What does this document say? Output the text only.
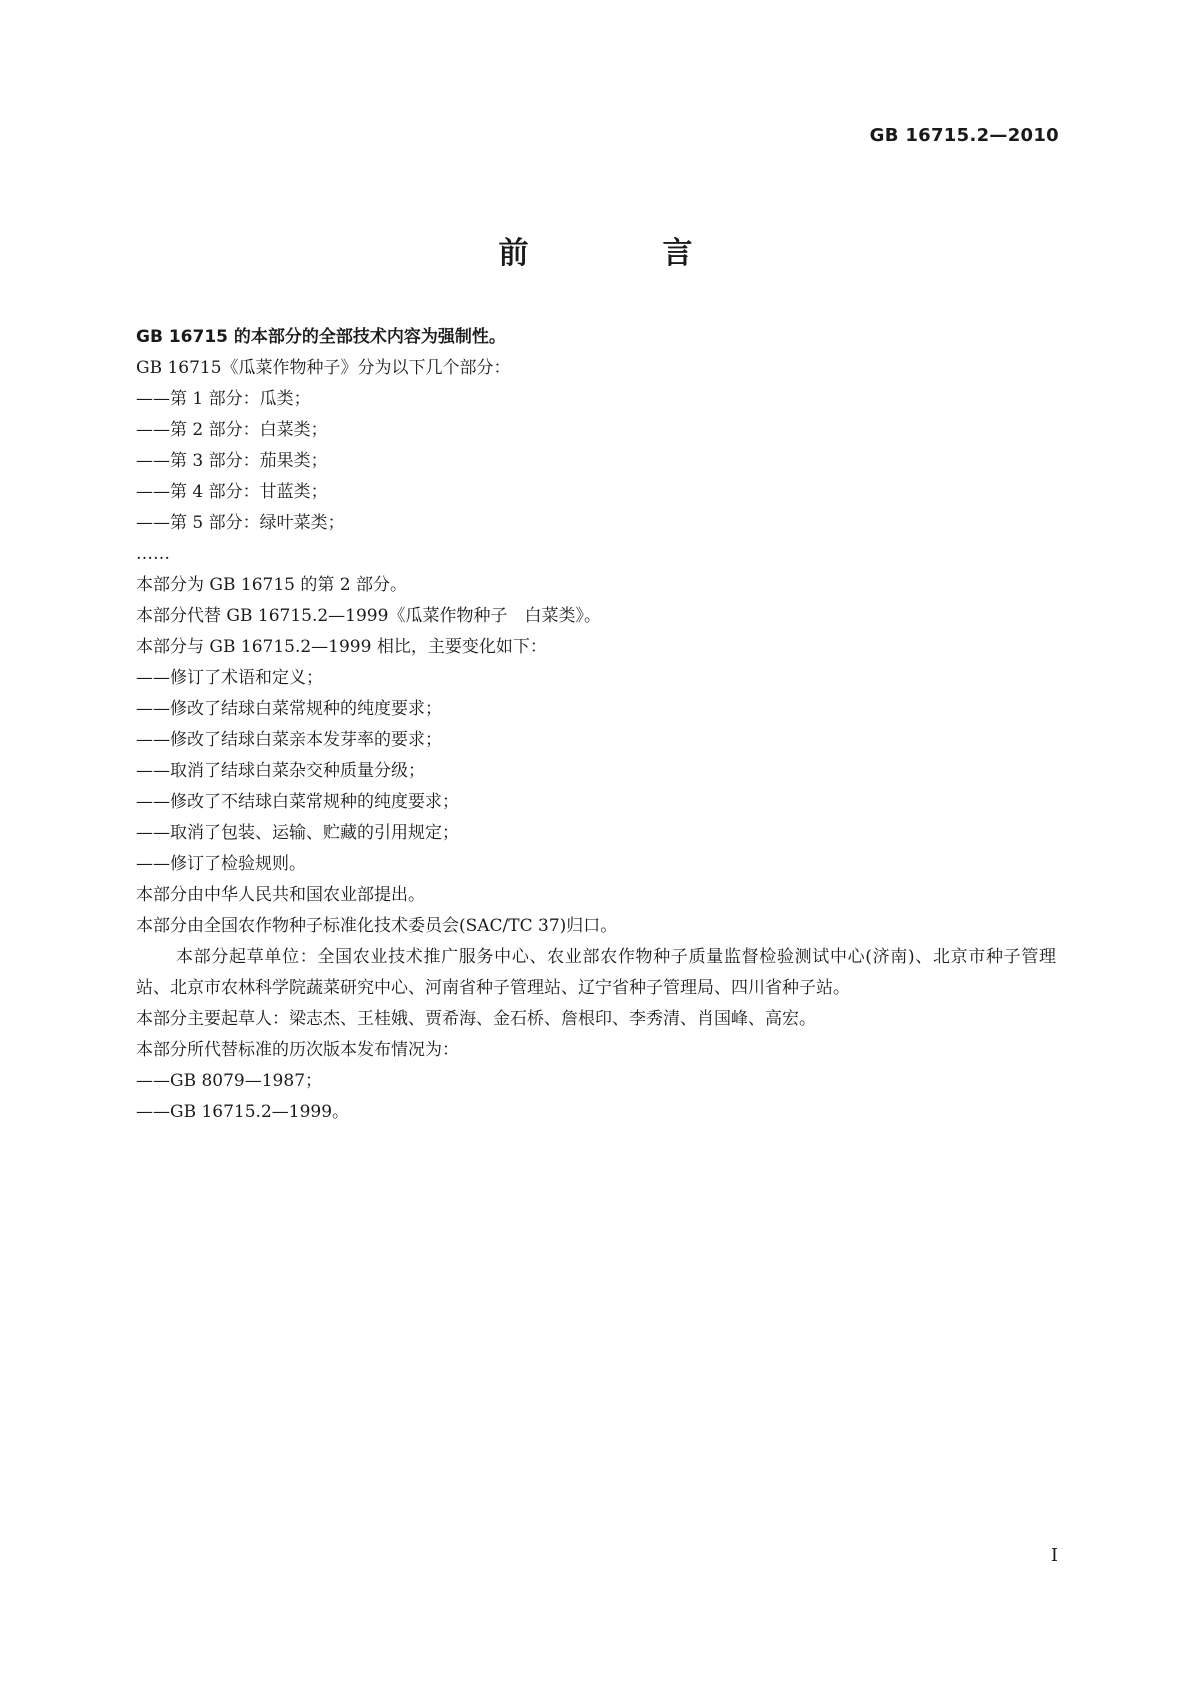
GB 16715.2—2010
前　言

GB 16715 的本部分的全部技术内容为强制性。

GB 16715《瓜菜作物种子》分为以下几个部分：

——第 1 部分：瓜类；

——第 2 部分：白菜类；

——第 3 部分：茄果类；

——第 4 部分：甘蓝类；

——第 5 部分：绿叶菜类；

……

本部分为 GB 16715 的第 2 部分。

本部分代替 GB 16715.2—1999《瓜菜作物种子　白菜类》。

本部分与 GB 16715.2—1999 相比，主要变化如下：

——修订了术语和定义；

——修改了结球白菜常规种的纯度要求；

——修改了结球白菜亲本发芽率的要求；

——取消了结球白菜杂交种质量分级；

——修改了不结球白菜常规种的纯度要求；

——取消了包装、运输、贮藏的引用规定；

——修订了检验规则。

本部分由中华人民共和国农业部提出。

本部分由全国农作物种子标准化技术委员会(SAC/TC 37)归口。

本部分起草单位：全国农业技术推广服务中心、农业部农作物种子质量监督检验测试中心(济南)、北京市种子管理站、北京市农林科学院蔬菜研究中心、河南省种子管理站、辽宁省种子管理局、四川省种子站。

本部分主要起草人：梁志杰、王桂娥、贾希海、金石桥、詹根印、李秀清、肖国峰、高宏。

本部分所代替标准的历次版本发布情况为：

——GB 8079—1987；

——GB 16715.2—1999。

I
